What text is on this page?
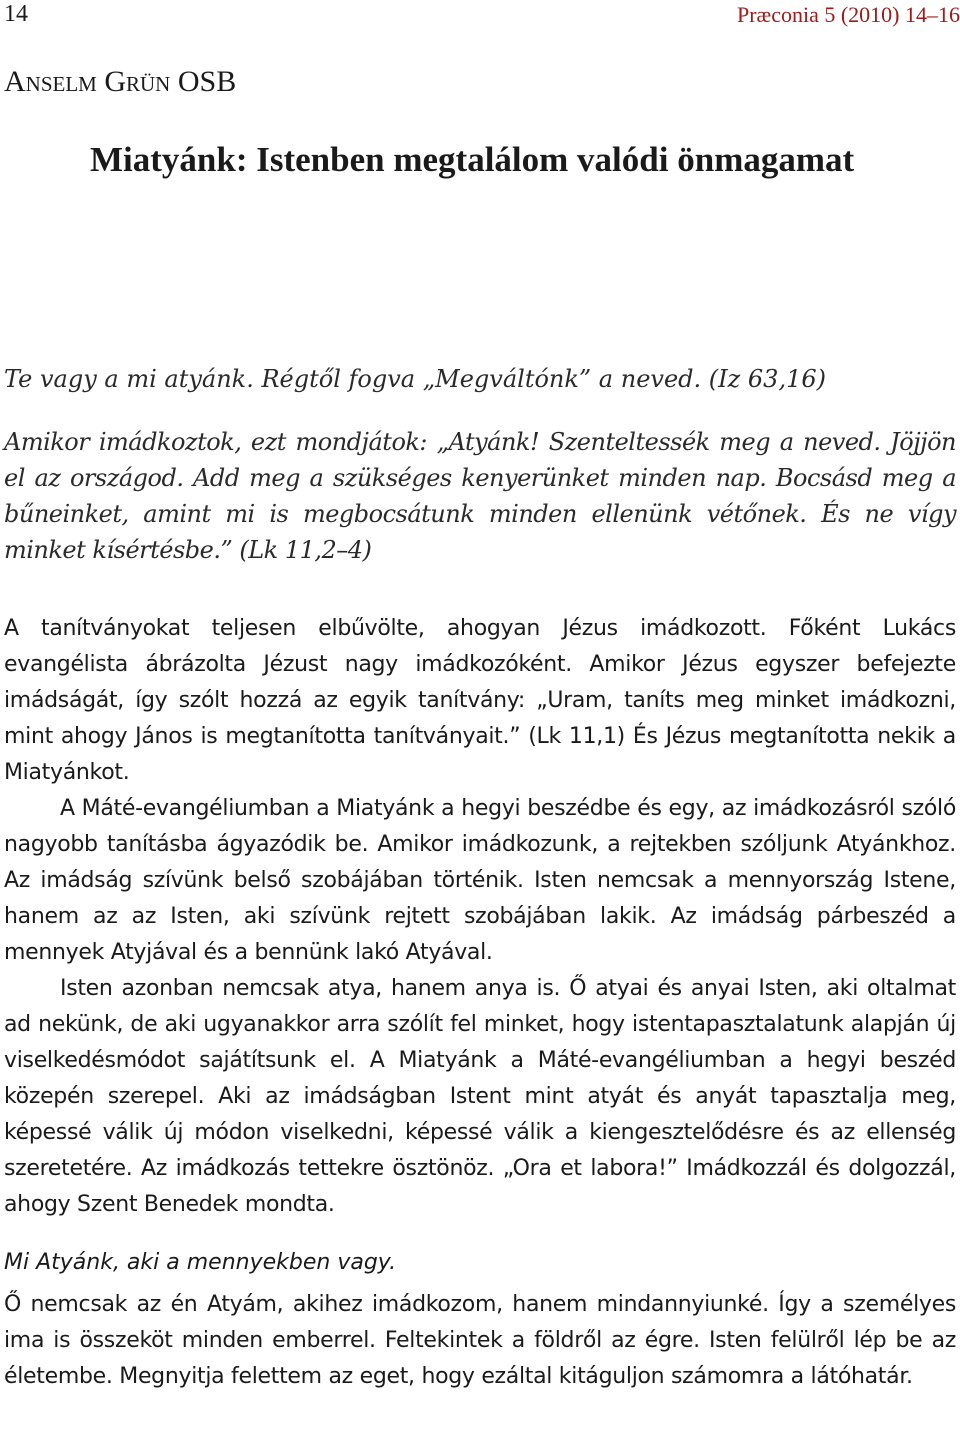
14	Præconia 5 (2010) 14–16
Anselm Grün OSB
Miatyánk: Istenben megtalálom valódi önmagamat
Te vagy a mi atyánk. Régtől fogva „Megváltónk” a neved. (Iz 63,16)
Amikor imádkoztok, ezt mondjátok: „Atyánk! Szenteltessék meg a neved. Jöjjön el az országod. Add meg a szükséges kenyerünket minden nap. Bocsásd meg a bűneinket, amint mi is megbocsátunk minden ellenünk vétőnek. És ne vígy minket kísértésbe.” (Lk 11,2–4)

A tanítványokat teljesen elbűvölte, ahogyan Jézus imádkozott. Főként Lukács evangélista ábrázolta Jézust nagy imádkozóként. Amikor Jézus egyszer befejezte imádságát, így szólt hozzá az egyik tanítvány: „Uram, taníts meg minket imádkozni, mint ahogy János is megtanította tanítványait.” (Lk 11,1) És Jézus megtanította nekik a Miatyánkot.

A Máté-evangéliumban a Miatyánk a hegyi beszédbe és egy, az imádkozásról szóló nagyobb tanításba ágyazódik be. Amikor imádkozunk, a rejtekben szóljunk Atyánkhoz. Az imádság szívünk belső szobájában történik. Isten nemcsak a mennyország Istene, hanem az az Isten, aki szívünk rejtett szobájában lakik. Az imádság párbeszéd a mennyek Atyjával és a bennünk lakó Atyával.

Isten azonban nemcsak atya, hanem anya is. Ő atyai és anyai Isten, aki oltalmat ad nekünk, de aki ugyanakkor arra szólít fel minket, hogy istentapasztalatunk alapján új viselkedésmódot sajátítsunk el. A Miatyánk a Máté-evangéliumban a hegyi beszéd közepén szerepel. Aki az imádságban Istent mint atyát és anyát tapasztalja meg, képessé válik új módon viselkedni, képessé válik a kiengesztelődésre és az ellenség szeretetére. Az imádkozás tettekre ösztönöz. „Ora et labora!” Imádkozzál és dolgozzál, ahogy Szent Benedek mondta.

Mi Atyánk, aki a mennyekben vagy.

Ő nemcsak az én Atyám, akihez imádkozom, hanem mindannyiunké. Így a személyes ima is összeköt minden emberrel. Feltekintek a földről az égre. Isten felülről lép be az életembe. Megnyitja felettem az eget, hogy ezáltal kitáguljon számomra a látóhatár.
